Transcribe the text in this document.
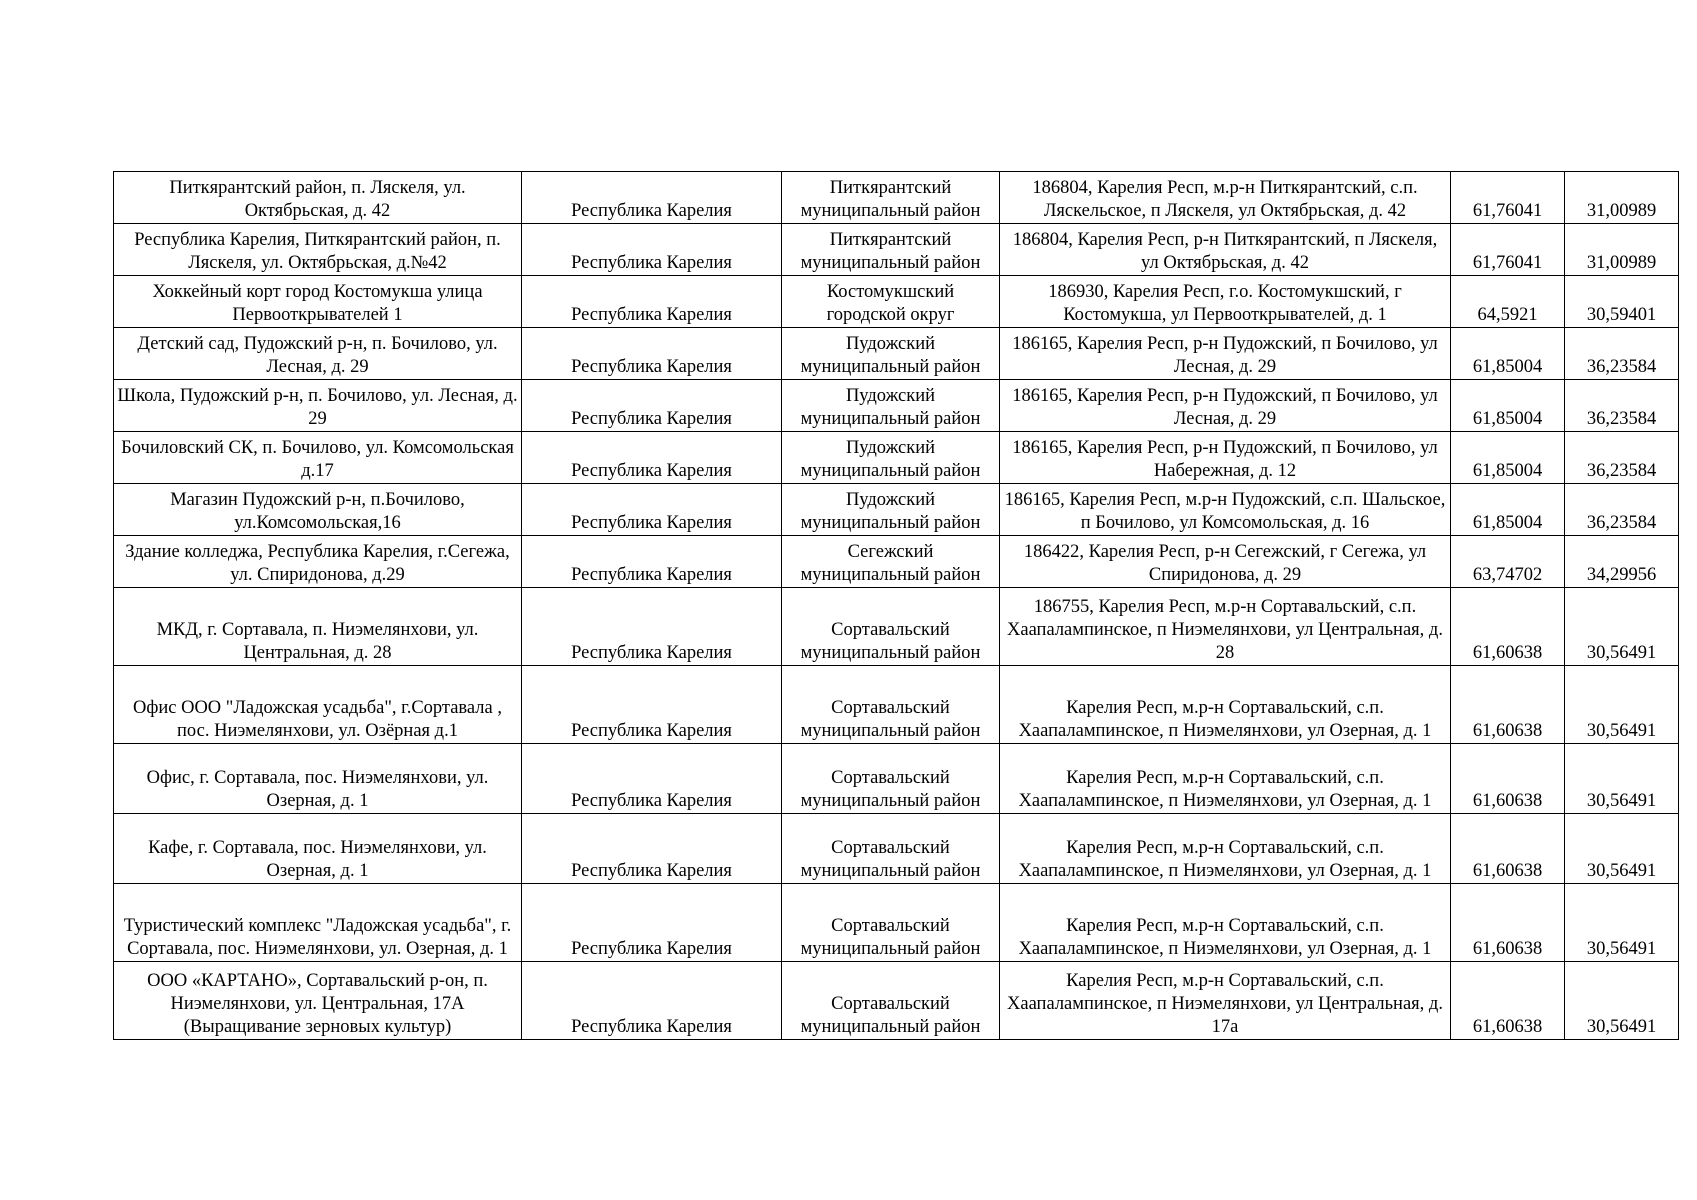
Питкярантский район, п. Ляскеля, ул. Октябрьская, д. 42	Республика Карелия	Питкярантский муниципальный район	186804, Карелия Респ, м.р-н Питкярантский, с.п. Ляскельское, п Ляскеля, ул Октябрьская, д. 42	61,76041	31,00989
Республика Карелия, Питкярантский район, п. Ляскеля, ул. Октябрьская, д.№42	Республика Карелия	Питкярантский муниципальный район	186804, Карелия Респ, р-н Питкярантский, п Ляскеля, ул Октябрьская, д. 42	61,76041	31,00989
Хоккейный корт город Костомукша улица Первооткрывателей 1	Республика Карелия	Костомукшский городской округ	186930, Карелия Респ, г.о. Костомукшский, г Костомукша, ул Первооткрывателей, д. 1	64,5921	30,59401
Детский сад, Пудожский р-н, п. Бочилово, ул. Лесная, д. 29	Республика Карелия	Пудожский муниципальный район	186165, Карелия Респ, р-н Пудожский, п Бочилово, ул Лесная, д. 29	61,85004	36,23584
Школа, Пудожский р-н, п. Бочилово, ул. Лесная, д. 29	Республика Карелия	Пудожский муниципальный район	186165, Карелия Респ, р-н Пудожский, п Бочилово, ул Лесная, д. 29	61,85004	36,23584
Бочиловский СК, п. Бочилово, ул. Комсомольская д.17	Республика Карелия	Пудожский муниципальный район	186165, Карелия Респ, р-н Пудожский, п Бочилово, ул Набережная, д. 12	61,85004	36,23584
Магазин Пудожский р-н, п.Бочилово, ул.Комсомольская,16	Республика Карелия	Пудожский муниципальный район	186165, Карелия Респ, м.р-н Пудожский, с.п. Шальское, п Бочилово, ул Комсомольская, д. 16	61,85004	36,23584
Здание колледжа, Республика Карелия, г.Сегежа, ул. Спиридонова, д.29	Республика Карелия	Сегежский муниципальный район	186422, Карелия Респ, р-н Сегежский, г Сегежа, ул Спиридонова, д. 29	63,74702	34,29956
МКД, г. Сортавала, п. Ниэмелянхови, ул. Центральная, д. 28	Республика Карелия	Сортавальский муниципальный район	186755, Карелия Респ, м.р-н Сортавальский, с.п. Хаапалампинское, п Ниэмелянхови, ул Центральная, д. 28	61,60638	30,56491
Офис ООО "Ладожская усадьба", г.Сортавала , пос. Ниэмелянхови, ул. Озёрная д.1	Республика Карелия	Сортавальский муниципальный район	Карелия Респ, м.р-н Сортавальский, с.п. Хаапалампинское, п Ниэмелянхови, ул Озерная, д. 1	61,60638	30,56491
Офис, г. Сортавала, пос. Ниэмелянхови, ул. Озерная, д. 1	Республика Карелия	Сортавальский муниципальный район	Карелия Респ, м.р-н Сортавальский, с.п. Хаапалампинское, п Ниэмелянхови, ул Озерная, д. 1	61,60638	30,56491
Кафе, г. Сортавала, пос. Ниэмелянхови, ул. Озерная, д. 1	Республика Карелия	Сортавальский муниципальный район	Карелия Респ, м.р-н Сортавальский, с.п. Хаапалампинское, п Ниэмелянхови, ул Озерная, д. 1	61,60638	30,56491
Туристический комплекс "Ладожская усадьба", г. Сортавала, пос. Ниэмелянхови, ул. Озерная, д. 1	Республика Карелия	Сортавальский муниципальный район	Карелия Респ, м.р-н Сортавальский, с.п. Хаапалампинское, п Ниэмелянхови, ул Озерная, д. 1	61,60638	30,56491
ООО «КАРТАНО», Сортавальский р-он, п. Ниэмелянхови, ул. Центральная, 17А (Выращивание зерновых культур)	Республика Карелия	Сортавальский муниципальный район	Карелия Респ, м.р-н Сортавальский, с.п. Хаапалампинское, п Ниэмелянхови, ул Центральная, д. 17а	61,60638	30,56491
